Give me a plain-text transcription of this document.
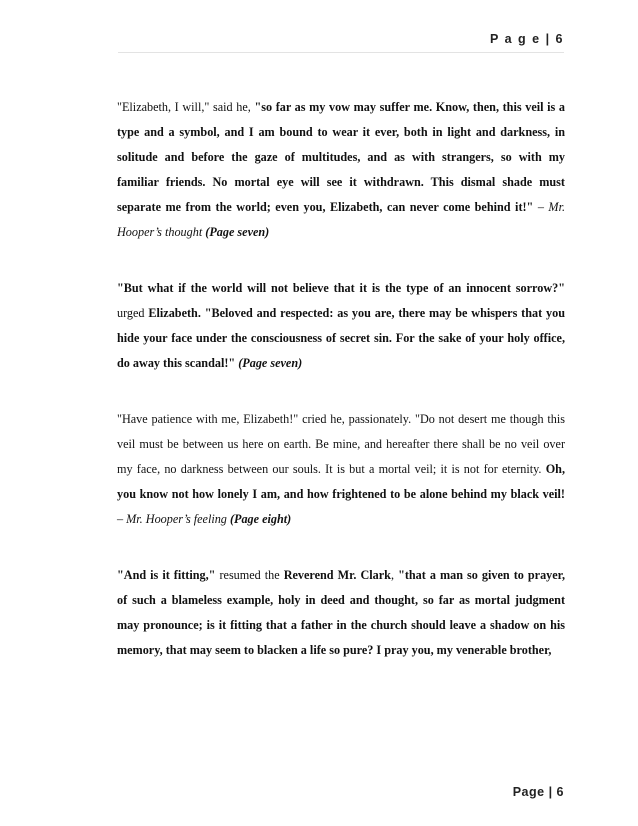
P a g e | 6
"Elizabeth, I will," said he, "so far as my vow may suffer me. Know, then, this veil is a
type and a symbol, and I am bound to wear it ever, both in light and darkness, in
solitude and before the gaze of multitudes, and as with strangers, so with my
familiar friends. No mortal eye will see it withdrawn. This dismal shade must
separate me from the world; even you, Elizabeth, can never come behind it!" – Mr.
Hooper’s thought (Page seven)
"But what if the world will not believe that it is the type of an innocent sorrow?"
urged Elizabeth. "Beloved and respected: as you are, there may be whispers that you
hide your face under the consciousness of secret sin. For the sake of your holy office,
do away this scandal!" (Page seven)
"Have patience with me, Elizabeth!" cried he, passionately. "Do not desert me though this
veil must be between us here on earth. Be mine, and hereafter there shall be no veil over
my face, no darkness between our souls. It is but a mortal veil; it is not for eternity. Oh,
you know not how lonely I am, and how frightened to be alone behind my black veil!
– Mr. Hooper’s feeling (Page eight)
"And is it fitting," resumed the Reverend Mr. Clark, "that a man so given to prayer,
of such a blameless example, holy in deed and thought, so far as mortal judgment
may pronounce; is it fitting that a father in the church should leave a shadow on his
memory, that may seem to blacken a life so pure? I pray you, my venerable brother,
Page | 6
